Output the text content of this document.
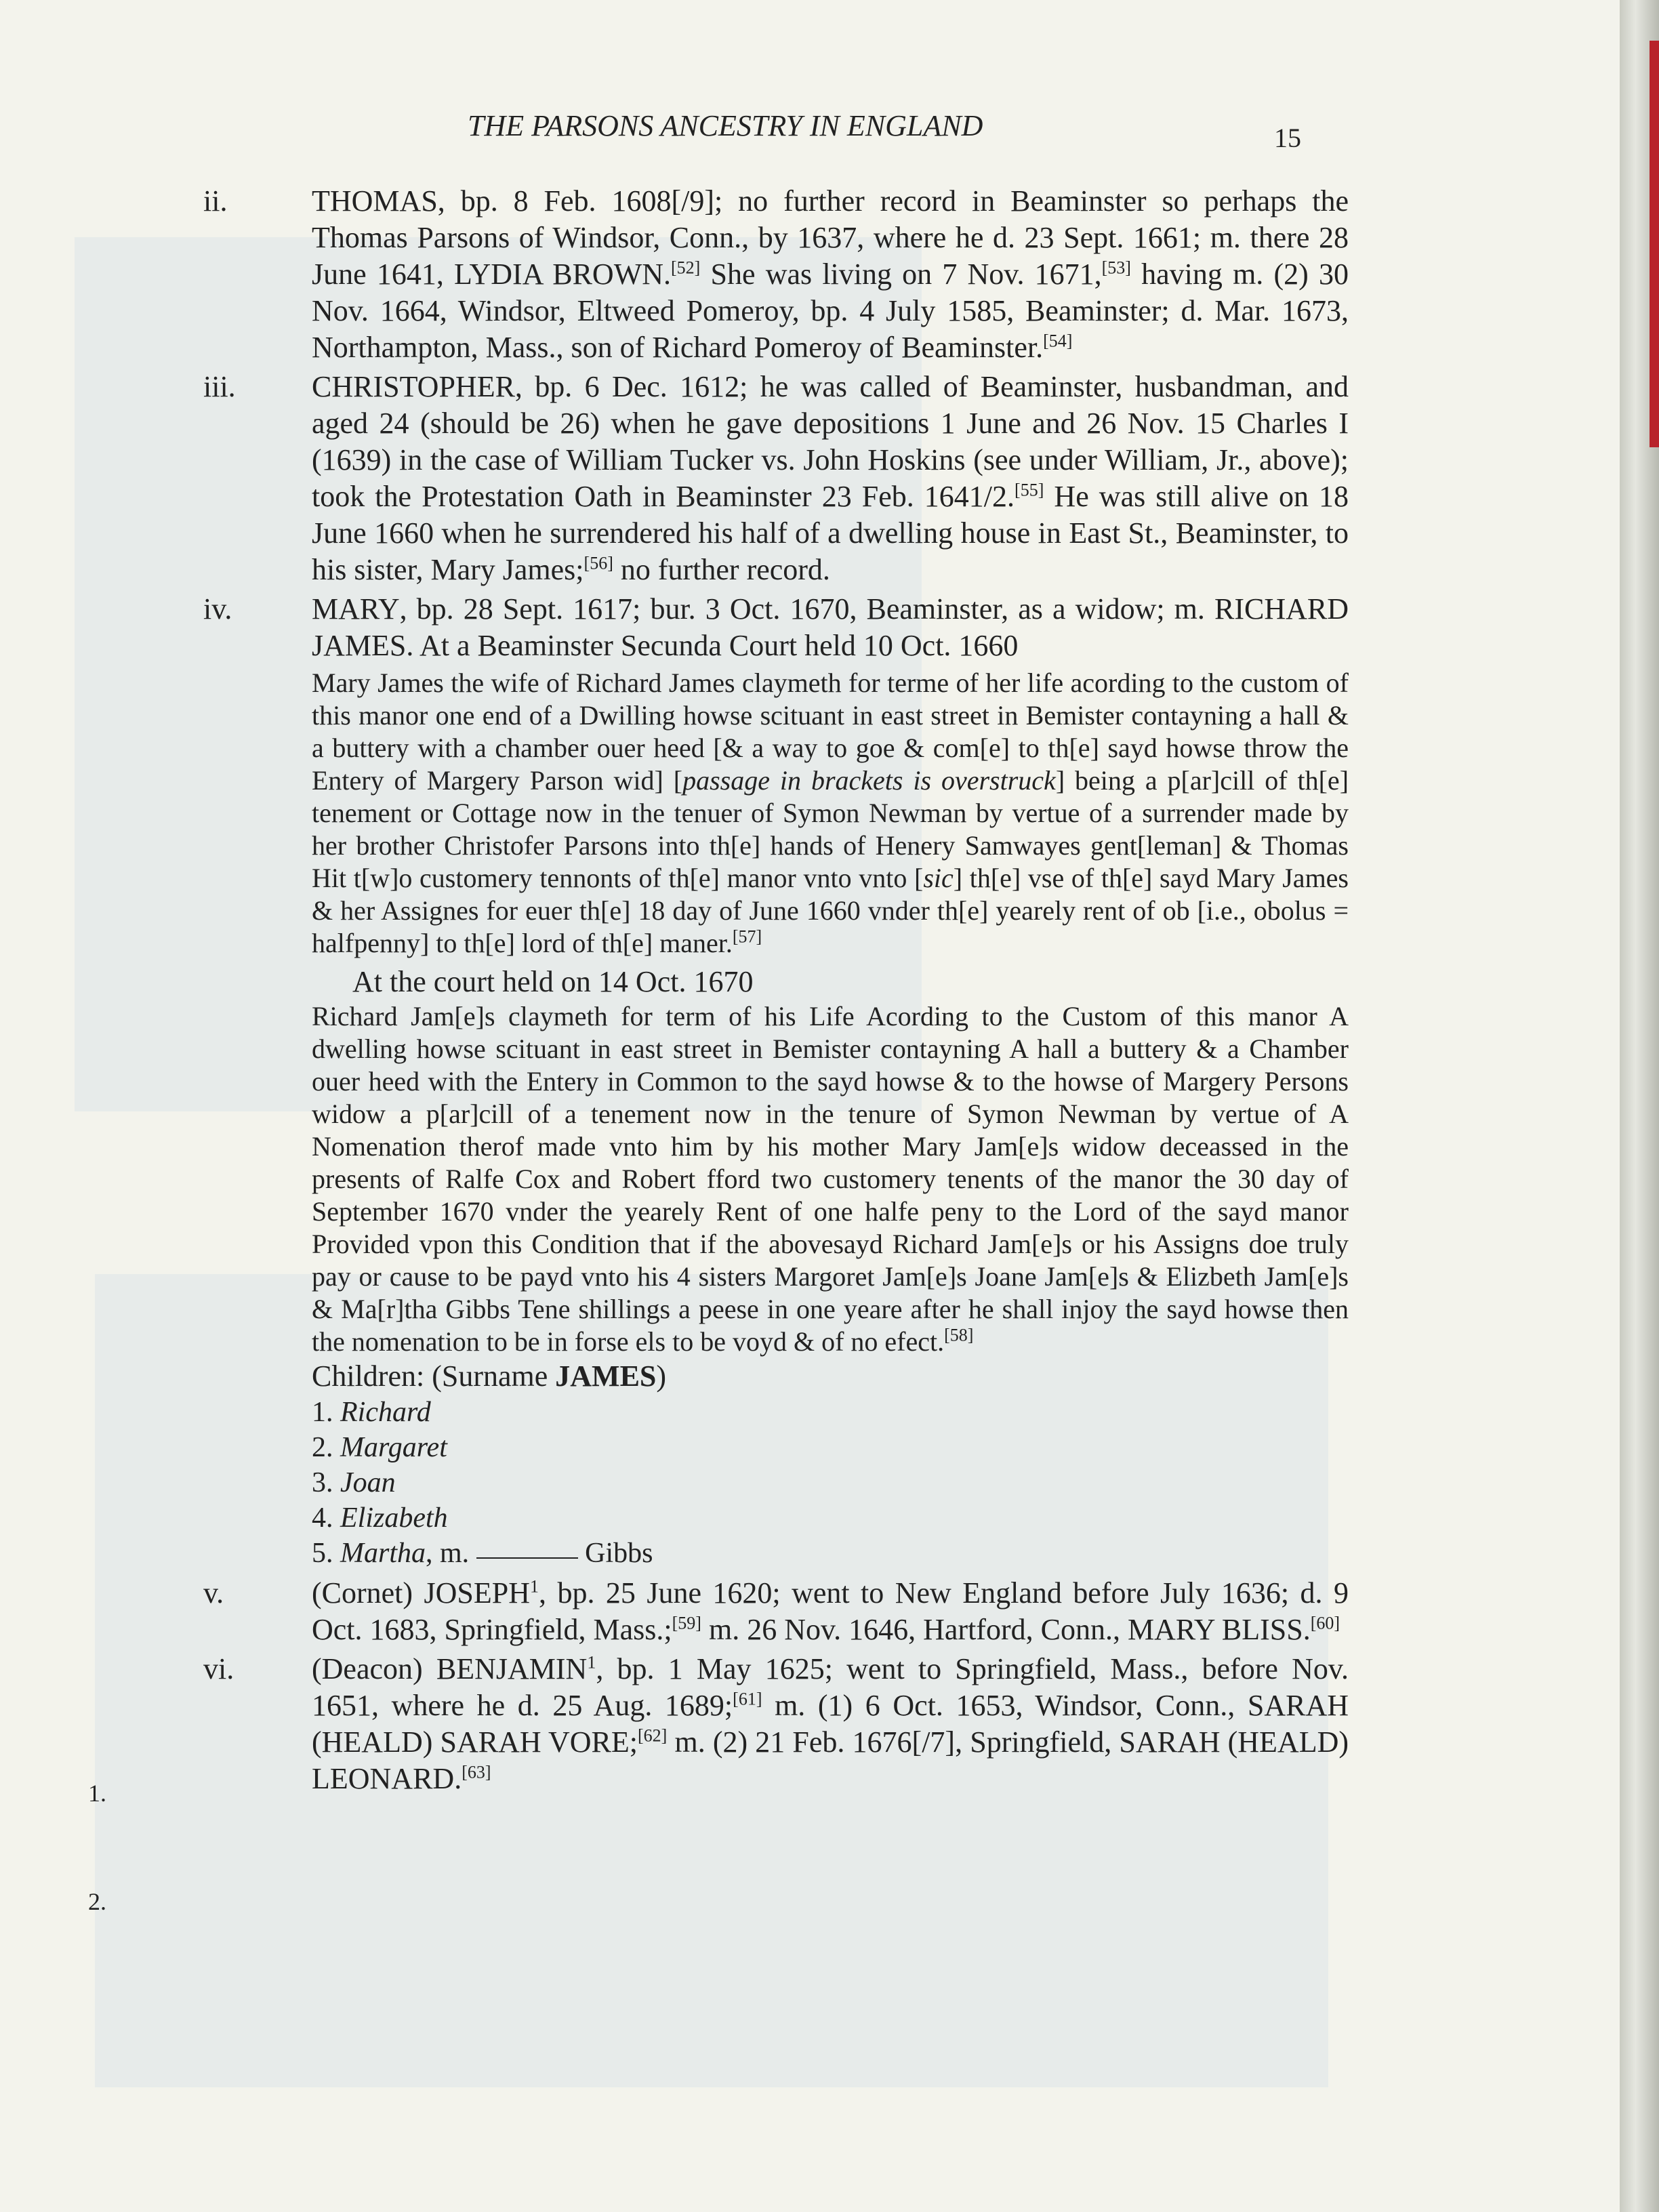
THE PARSONS ANCESTRY IN ENGLAND	15
ii.	THOMAS, bp. 8 Feb. 1608[/9]; no further record in Beaminster so perhaps the Thomas Parsons of Windsor, Conn., by 1637, where he d. 23 Sept. 1661; m. there 28 June 1641, LYDIA BROWN.[52] She was living on 7 Nov. 1671,[53] having m. (2) 30 Nov. 1664, Windsor, Eltweed Pomeroy, bp. 4 July 1585, Beaminster; d. Mar. 1673, Northampton, Mass., son of Richard Pomeroy of Beaminster.[54]
iii.	CHRISTOPHER, bp. 6 Dec. 1612; he was called of Beaminster, husbandman, and aged 24 (should be 26) when he gave depositions 1 June and 26 Nov. 15 Charles I (1639) in the case of William Tucker vs. John Hoskins (see under William, Jr., above); took the Protestation Oath in Beaminster 23 Feb. 1641/2.[55] He was still alive on 18 June 1660 when he surrendered his half of a dwelling house in East St., Beaminster, to his sister, Mary James;[56] no further record.
iv.	MARY, bp. 28 Sept. 1617; bur. 3 Oct. 1670, Beaminster, as a widow; m. RICHARD JAMES. At a Beaminster Secunda Court held 10 Oct. 1660
Mary James the wife of Richard James claymeth for terme of her life acording to the custom of this manor one end of a Dwilling howse scituant in east street in Bemister contayning a hall & a buttery with a chamber ouer heed [& a way to goe & com[e] to th[e] sayd howse throw the Entery of Margery Parson wid] [passage in brackets is overstruck] being a p[ar]cill of th[e] tenement or Cottage now in the tenuer of Symon Newman by vertue of a surrender made by her brother Christofer Parsons into th[e] hands of Henery Samwayes gent[leman] & Thomas Hit t[w]o customery tennonts of th[e] manor vnto vnto [sic] th[e] vse of th[e] sayd Mary James & her Assignes for euer th[e] 18 day of June 1660 vnder th[e] yearely rent of ob [i.e., obolus = halfpenny] to th[e] lord of th[e] maner.[57]
At the court held on 14 Oct. 1670
Richard Jam[e]s claymeth for term of his Life Acording to the Custom of this manor A dwelling howse scituant in east street in Bemister contayning A hall a buttery & a Chamber ouer heed with the Entery in Common to the sayd howse & to the howse of Margery Persons widow a p[ar]cill of a tenement now in the tenure of Symon Newman by vertue of A Nomenation therof made vnto him by his mother Mary Jam[e]s widow deceassed in the presents of Ralfe Cox and Robert fford two customery tenents of the manor the 30 day of September 1670 vnder the yearely Rent of one halfe peny to the Lord of the sayd manor Provided vpon this Condition that if the abovesayd Richard Jam[e]s or his Assigns doe truly pay or cause to be payd vnto his 4 sisters Margoret Jam[e]s Joane Jam[e]s & Elizbeth Jam[e]s & Ma[r]tha Gibbs Tene shillings a peese in one yeare after he shall injoy the sayd howse then the nomenation to be in forse els to be voyd & of no efect.[58]
Children: (Surname JAMES)
1. Richard
2. Margaret
3. Joan
4. Elizabeth
5. Martha, m.	Gibbs
v.	(Cornet) JOSEPH$^1$, bp. 25 June 1620; went to New England before July 1636; d. 9 Oct. 1683, Springfield, Mass.;[59] m. 26 Nov. 1646, Hartford, Conn., MARY BLISS.[60]
vi.	(Deacon) BENJAMIN$^1$, bp. 1 May 1625; went to Springfield, Mass., before Nov. 1651, where he d. 25 Aug. 1689;[61] m. (1) 6 Oct. 1653, Windsor, Conn., SARAH (HEALD) SARAH VORE;[62] m. (2) 21 Feb. 1676[/7], Springfield, SARAH (HEALD) LEONARD.[63]
1.
2.
